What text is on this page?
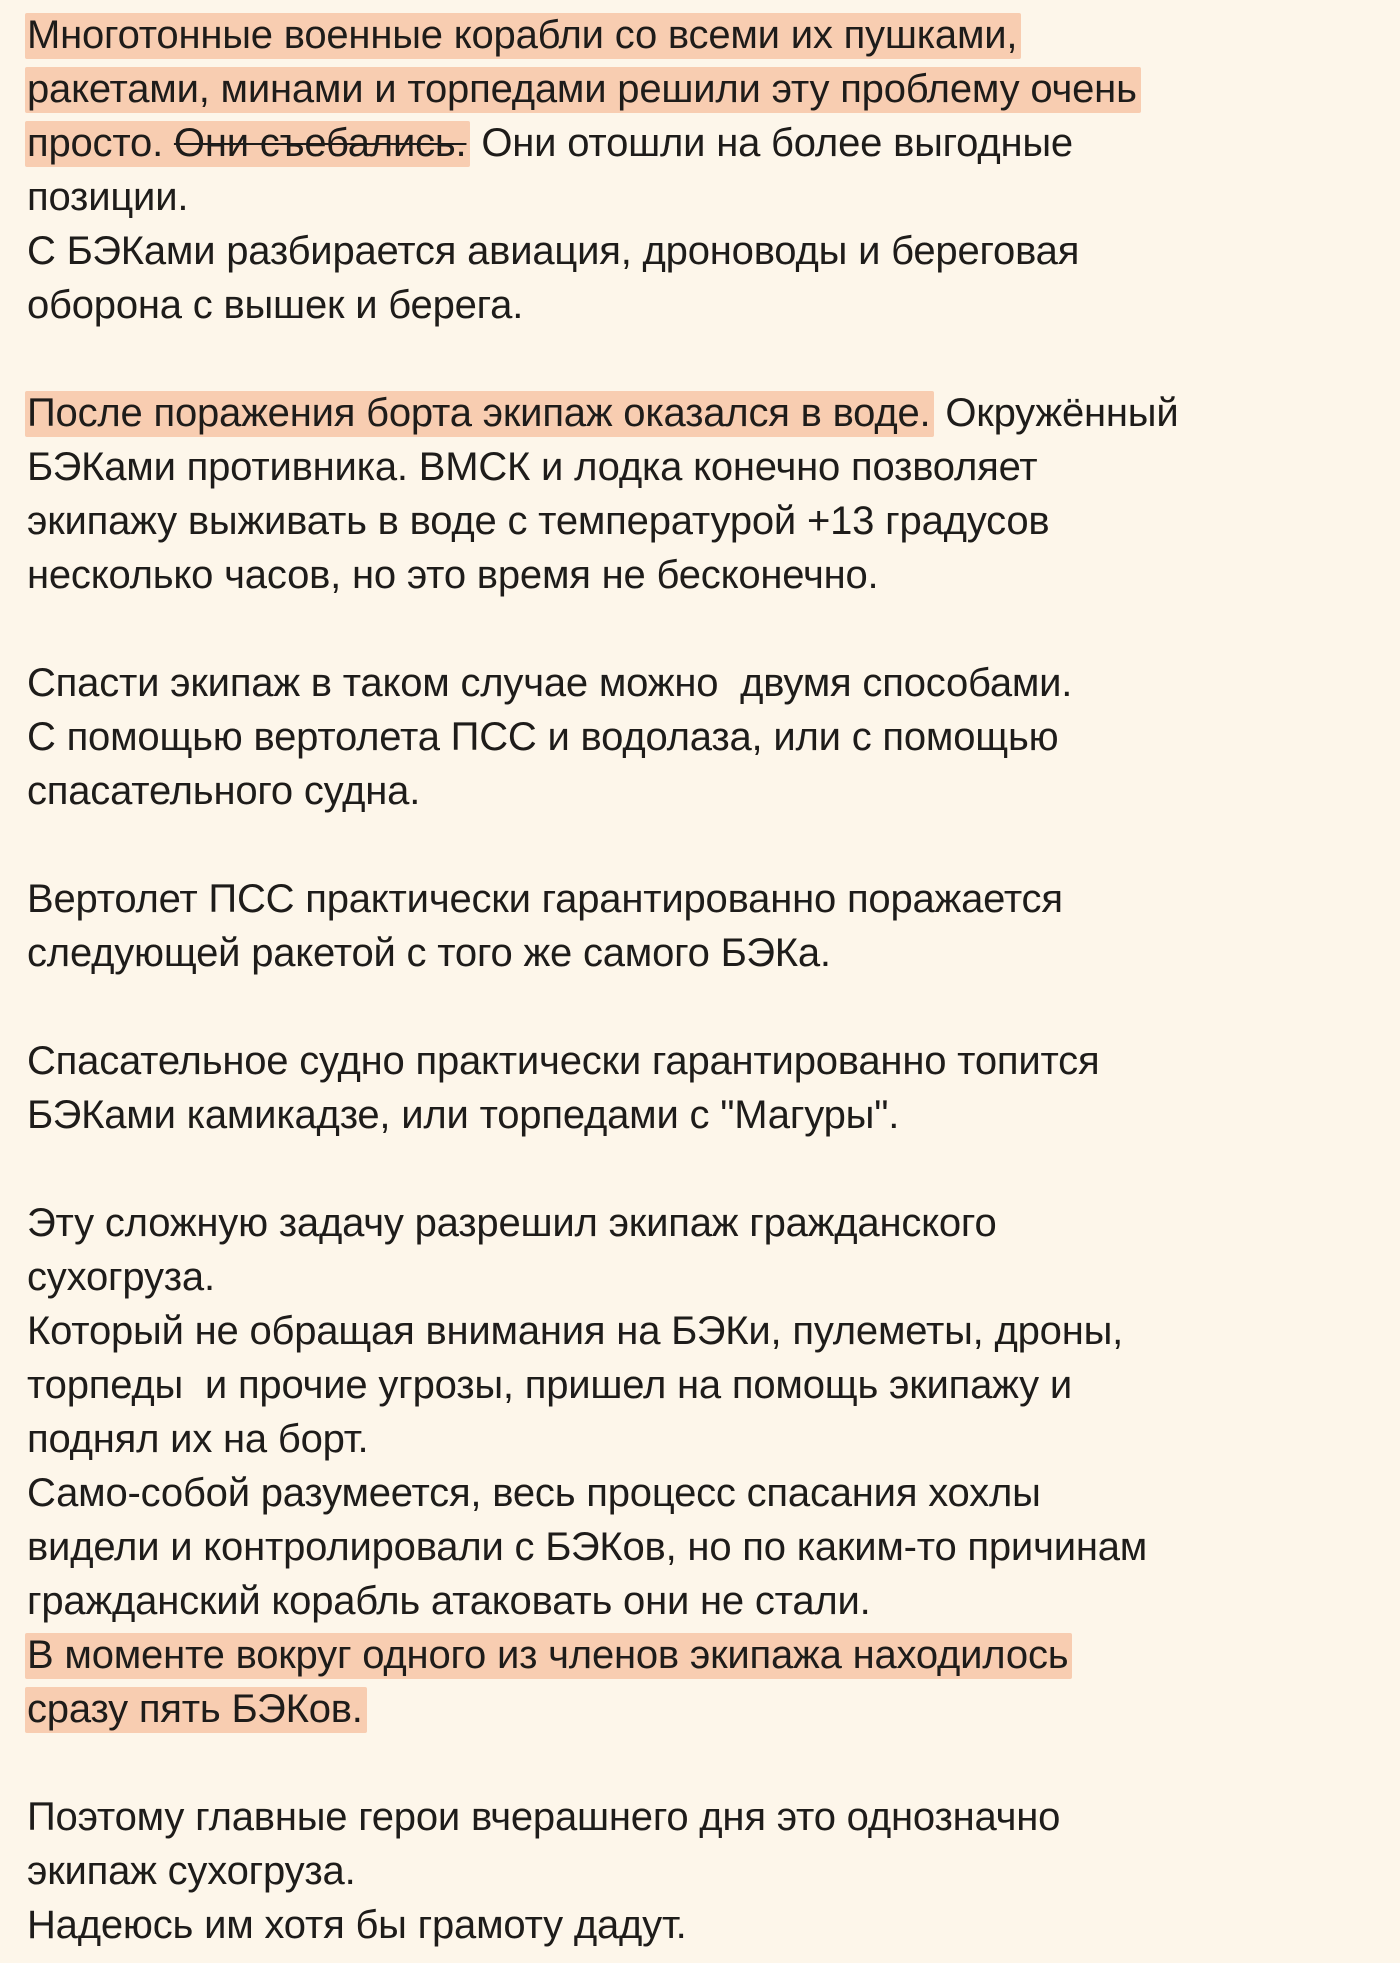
Многотонные военные корабли со всеми их пушками,
ракетами, минами и торпедами решили эту проблему очень
просто. Они съебались. Они отошли на более выгодные
позиции.
С БЭКами разбирается авиация, дроноводы и береговая
оборона с вышек и берега.
После поражения борта экипаж оказался в воде. Окружённый
БЭКами противника. ВМСК и лодка конечно позволяет
экипажу выживать в воде с температурой +13 градусов
несколько часов, но это время не бесконечно.
Спасти экипаж в таком случае можно  двумя способами.
С помощью вертолета ПСС и водолаза, или с помощью
спасательного судна.
Вертолет ПСС практически гарантированно поражается
следующей ракетой с того же самого БЭКа.
Спасательное судно практически гарантированно топится
БЭКами камикадзе, или торпедами с "Магуры".
Эту сложную задачу разрешил экипаж гражданского
сухогруза.
Который не обращая внимания на БЭКи, пулеметы, дроны,
торпеды  и прочие угрозы, пришел на помощь экипажу и
поднял их на борт.
Само-собой разумеется, весь процесс спасания хохлы
видели и контролировали с БЭКов, но по каким-то причинам
гражданский корабль атаковать они не стали.
В моменте вокруг одного из членов экипажа находилось
сразу пять БЭКов.
Поэтому главные герои вчерашнего дня это однозначно
экипаж сухогруза.
Надеюсь им хотя бы грамоту дадут.
